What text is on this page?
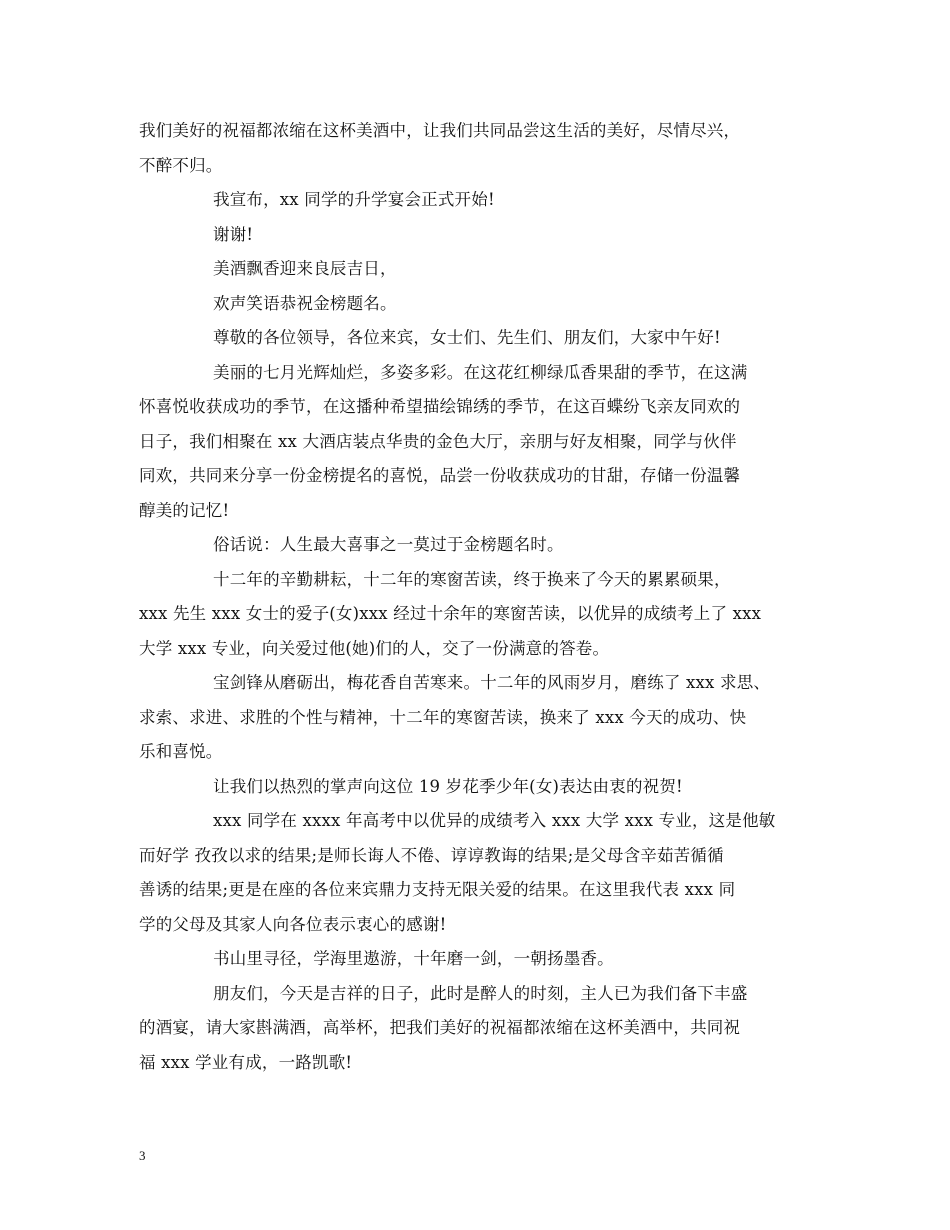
我们美好的祝福都浓缩在这杯美酒中，让我们共同品尝这生活的美好，尽情尽兴，
不醉不归。
我宣布，xx 同学的升学宴会正式开始!
谢谢!
美酒飘香迎来良辰吉日，
欢声笑语恭祝金榜题名。
尊敬的各位领导，各位来宾，女士们、先生们、朋友们，大家中午好!
美丽的七月光辉灿烂，多姿多彩。在这花红柳绿瓜香果甜的季节，在这满
怀喜悦收获成功的季节，在这播种希望描绘锦绣的季节，在这百蝶纷飞亲友同欢的
日子，我们相聚在 xx 大酒店装点华贵的金色大厅，亲朋与好友相聚，同学与伙伴
同欢，共同来分享一份金榜提名的喜悦，品尝一份收获成功的甘甜，存储一份温馨
醇美的记忆!
俗话说：人生最大喜事之一莫过于金榜题名时。
十二年的辛勤耕耘，十二年的寒窗苦读，终于换来了今天的累累硕果，
xxx 先生 xxx 女士的爱子(女)xxx 经过十余年的寒窗苦读，以优异的成绩考上了 xxx
大学 xxx 专业，向关爱过他(她)们的人，交了一份满意的答卷。
宝剑锋从磨砺出，梅花香自苦寒来。十二年的风雨岁月，磨练了 xxx 求思、
求索、求进、求胜的个性与精神，十二年的寒窗苦读，换来了 xxx 今天的成功、快
乐和喜悦。
让我们以热烈的掌声向这位 19 岁花季少年(女)表达由衷的祝贺!
xxx 同学在 xxxx 年高考中以优异的成绩考入 xxx 大学 xxx 专业，这是他敏
而好学 孜孜以求的结果;是师长诲人不倦、谆谆教诲的结果;是父母含辛茹苦循循
善诱的结果;更是在座的各位来宾鼎力支持无限关爱的结果。在这里我代表 xxx 同
学的父母及其家人向各位表示衷心的感谢!
书山里寻径，学海里遨游，十年磨一剑，一朝扬墨香。
朋友们，今天是吉祥的日子，此时是醉人的时刻，主人已为我们备下丰盛
的酒宴，请大家斟满酒，高举杯，把我们美好的祝福都浓缩在这杯美酒中，共同祝
福 xxx 学业有成，一路凯歌!
3
